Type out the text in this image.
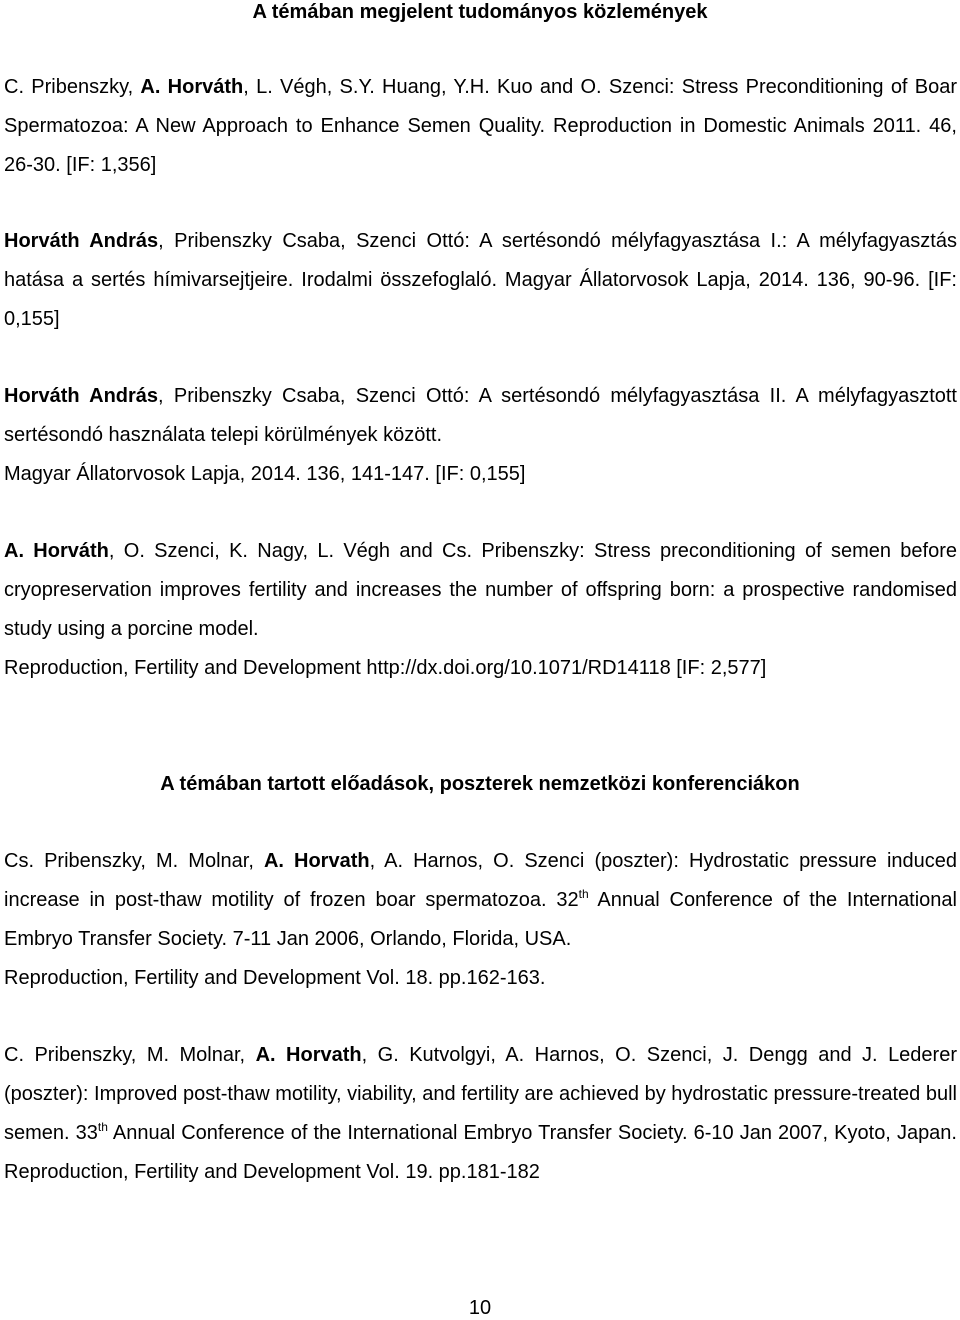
A témában megjelent tudományos közlemények

C. Pribenszky, A. Horváth, L. Végh, S.Y. Huang, Y.H. Kuo and O. Szenci: Stress Preconditioning of Boar Spermatozoa: A New Approach to Enhance Semen Quality. Reproduction in Domestic Animals 2011. 46, 26-30. [IF: 1,356]

Horváth András, Pribenszky Csaba, Szenci Ottó: A sertésondó mélyfagyasztása I.: A mélyfagyasztás hatása a sertés hímivarsejtjeire. Irodalmi összefoglaló. Magyar Állatorvosok Lapja, 2014. 136, 90-96. [IF: 0,155]

Horváth András, Pribenszky Csaba, Szenci Ottó: A sertésondó mélyfagyasztása II. A mélyfagyasztott sertésondó használata telepi körülmények között.

Magyar Állatorvosok Lapja, 2014. 136, 141-147. [IF: 0,155]

A. Horváth, O. Szenci, K. Nagy, L. Végh and Cs. Pribenszky: Stress preconditioning of semen before cryopreservation improves fertility and increases the number of offspring born: a prospective randomised study using a porcine model.

Reproduction, Fertility and Development http://dx.doi.org/10.1071/RD14118 [IF: 2,577]

A témában tartott előadások, poszterek nemzetközi konferenciákon

Cs. Pribenszky, M. Molnar, A. Horvath, A. Harnos, O. Szenci (poszter): Hydrostatic pressure induced increase in post-thaw motility of frozen boar spermatozoa. 32th Annual Conference of the International Embryo Transfer Society. 7-11 Jan 2006, Orlando, Florida, USA.

Reproduction, Fertility and Development Vol. 18. pp.162-163.

C. Pribenszky, M. Molnar, A. Horvath, G. Kutvolgyi, A. Harnos, O. Szenci, J. Dengg and J. Lederer (poszter): Improved post-thaw motility, viability, and fertility are achieved by hydrostatic pressure-treated bull semen. 33th Annual Conference of the International Embryo Transfer Society. 6-10 Jan 2007, Kyoto, Japan. Reproduction, Fertility and Development Vol. 19. pp.181-182

10
